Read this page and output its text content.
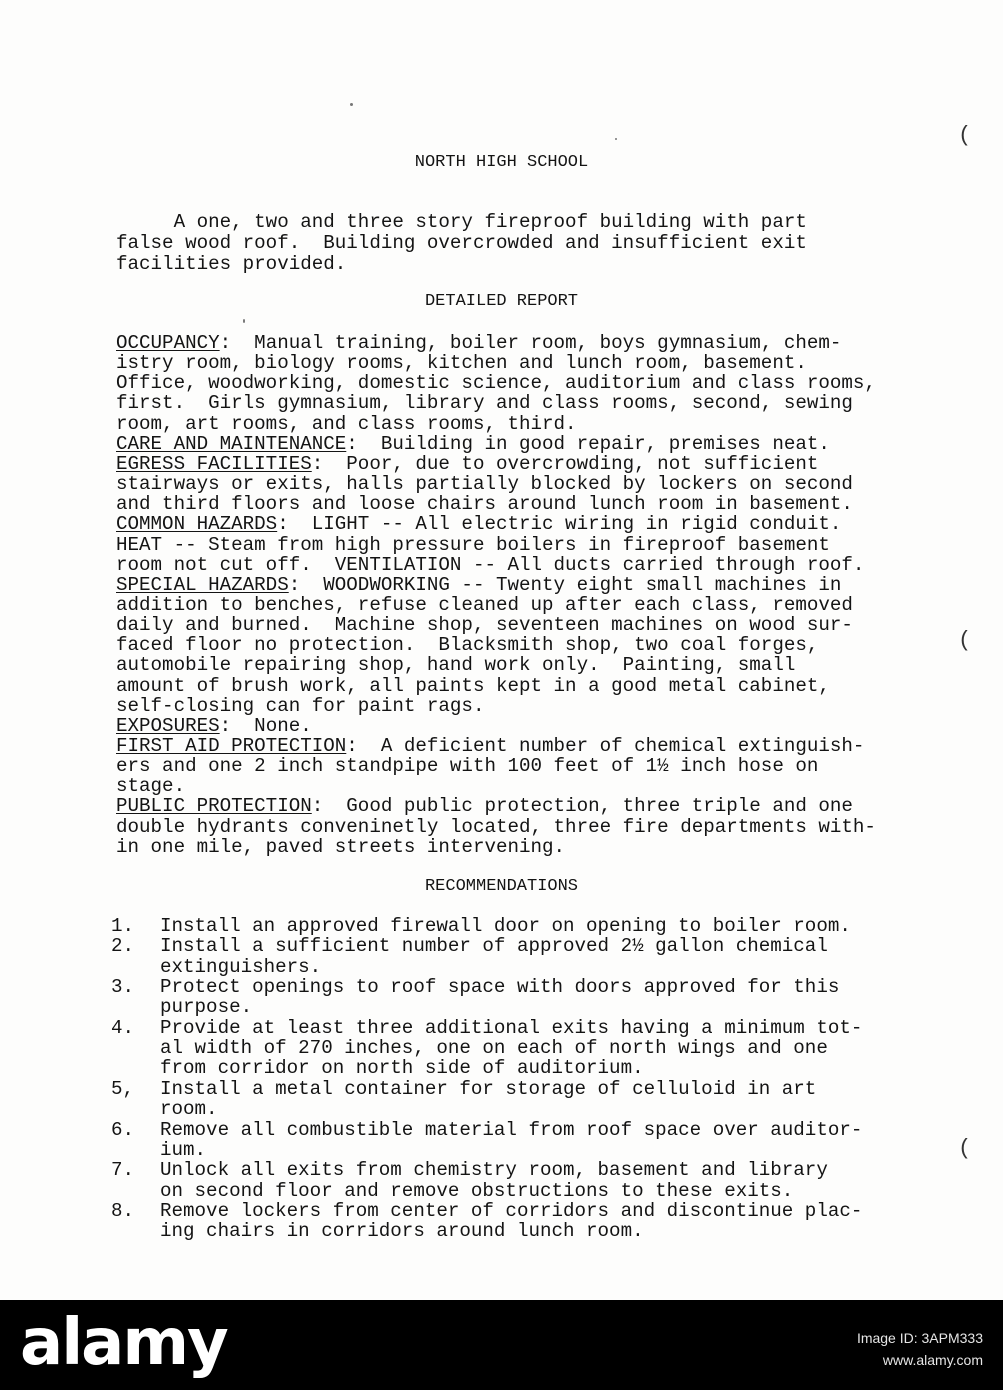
NORTH HIGH SCHOOL
A one, two and three story fireproof building with part
false wood roof.  Building overcrowded and insufficient exit
facilities provided.
DETAILED REPORT
OCCUPANCY:  Manual training, boiler room, boys gymnasium, chem-
istry room, biology rooms, kitchen and lunch room, basement.
Office, woodworking, domestic science, auditorium and class rooms,
first.  Girls gymnasium, library and class rooms, second, sewing
room, art rooms, and class rooms, third.
CARE AND MAINTENANCE:  Building in good repair, premises neat.
EGRESS FACILITIES:  Poor, due to overcrowding, not sufficient
stairways or exits, halls partially blocked by lockers on second
and third floors and loose chairs around lunch room in basement.
COMMON HAZARDS:  LIGHT -- All electric wiring in rigid conduit.
HEAT -- Steam from high pressure boilers in fireproof basement
room not cut off.  VENTILATION -- All ducts carried through roof.
SPECIAL HAZARDS:  WOODWORKING -- Twenty eight small machines in
addition to benches, refuse cleaned up after each class, removed
daily and burned.  Machine shop, seventeen machines on wood sur-
faced floor no protection.  Blacksmith shop, two coal forges,
automobile repairing shop, hand work only.  Painting, small
amount of brush work, all paints kept in a good metal cabinet,
self-closing can for paint rags.
EXPOSURES:  None.
FIRST AID PROTECTION:  A deficient number of chemical extinguish-
ers and one 2 inch standpipe with 100 feet of 1½ inch hose on
stage.
PUBLIC PROTECTION:  Good public protection, three triple and one
double hydrants conveninetly located, three fire departments with-
in one mile, paved streets intervening.
RECOMMENDATIONS
1. Install an approved firewall door on opening to boiler room.
2. Install a sufficient number of approved 2½ gallon chemical
extinguishers.
3. Protect openings to roof space with doors approved for this
purpose.
4. Provide at least three additional exits having a minimum tot-
al width of 270 inches, one on each of north wings and one
from corridor on north side of auditorium.
5, Install a metal container for storage of celluloid in art
room.
6. Remove all combustible material from roof space over auditor-
ium.
7. Unlock all exits from chemistry room, basement and library
on second floor and remove obstructions to these exits.
8. Remove lockers from center of corridors and discontinue plac-
ing chairs in corridors around lunch room.
(
(
(
alamy	Image ID: 3APM333
www.alamy.com
